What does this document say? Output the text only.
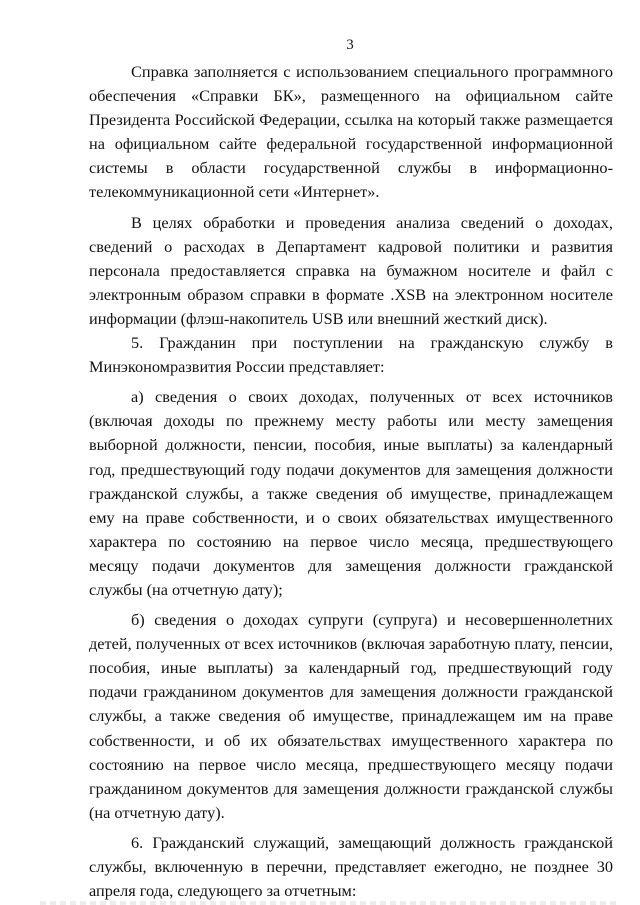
3

Справка заполняется с использованием специального программного обеспечения «Справки БК», размещенного на официальном сайте Президента Российской Федерации, ссылка на который также размещается на официальном сайте федеральной государственной информационной системы в области государственной службы в информационно-телекоммуникационной сети «Интернет».

В целях обработки и проведения анализа сведений о доходах, сведений о расходах в Департамент кадровой политики и развития персонала предоставляется справка на бумажном носителе и файл с электронным образом справки в формате .XSB на электронном носителе информации (флэш-накопитель USB или внешний жесткий диск).

5. Гражданин при поступлении на гражданскую службу в Минэкономразвития России представляет:

а) сведения о своих доходах, полученных от всех источников (включая доходы по прежнему месту работы или месту замещения выборной должности, пенсии, пособия, иные выплаты) за календарный год, предшествующий году подачи документов для замещения должности гражданской службы, а также сведения об имуществе, принадлежащем ему на праве собственности, и о своих обязательствах имущественного характера по состоянию на первое число месяца, предшествующего месяцу подачи документов для замещения должности гражданской службы (на отчетную дату);

б) сведения о доходах супруги (супруга) и несовершеннолетних детей, полученных от всех источников (включая заработную плату, пенсии, пособия, иные выплаты) за календарный год, предшествующий году подачи гражданином документов для замещения должности гражданской службы, а также сведения об имуществе, принадлежащем им на праве собственности, и об их обязательствах имущественного характера по состоянию на первое число месяца, предшествующего месяцу подачи гражданином документов для замещения должности гражданской службы (на отчетную дату).

6. Гражданский служащий, замещающий должность гражданской службы, включенную в перечни, представляет ежегодно, не позднее 30 апреля года, следующего за отчетным:
